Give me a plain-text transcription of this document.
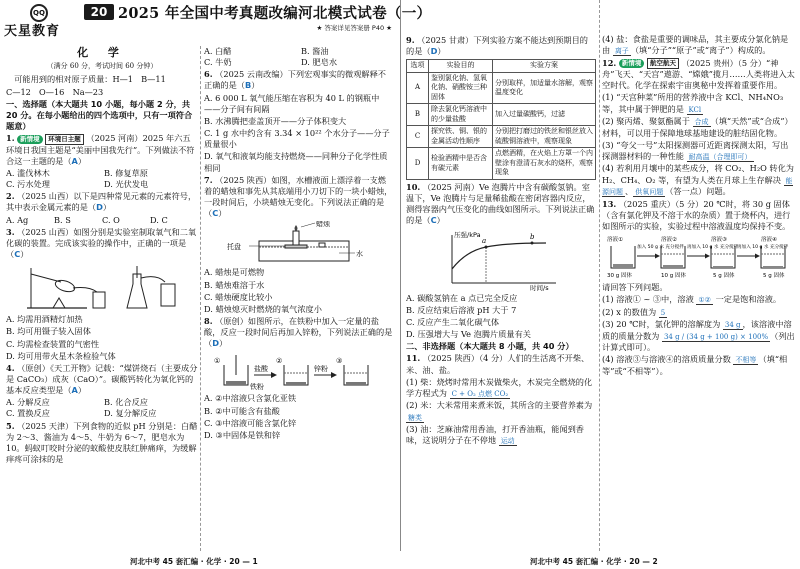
QQ
天星教育
20 2025 年全国中考真题改编河北模式试卷（一）
★ 答案详见答案册 P40 ★
化 学
（满分 60 分，考试时间 60 分钟）

可能用到的相对原子质量：H—1　B—11

C—12　O—16　Na—23

一、选择题（本大题共 10 小题，每小题 2 分，共 20 分。在每小题给出的四个选项中，只有一项符合题意）

1. 新情境 环境日主题 （2025 河南）2025 年六五环境日我国主题是“美丽中国我先行”。下列做法不符合这一主题的是（A）

A. 滥伐林木	B. 修复草原
C. 污水处理	D. 光伏发电

2. （2025 山西）以下是四种常见元素的元素符号，其中表示金属元素的是（D）

A. Ag	B. S	C. O	D. C

3. （2025 山西）如图分别是实验室制取氧气和二氧化碳的装置。完成该实验的操作中，正确的一项是（C）

A. 均需用酒精灯加热

B. 均可用镊子装入固体

C. 均需检查装置的气密性

D. 均可用带火星木条检验气体

4. （原创）《天工开物》记载：“煤饼烧石（主要成分是 CaCO₃）成灰（CaO）”。碳酸钙转化为氧化钙的基本反应类型是（A）

A. 分解反应	B. 化合反应
C. 置换反应	D. 复分解反应

5. （2025 天津）下列食物的近似 pH 分别是：白醋为 2～3、酱油为 4～5、牛奶为 6～7，肥皂水为 10。蚂蚁叮咬时分泌的蚁酸使皮肤红肿痛痒，为缓解痒疼可涂抹的是

A. 白醋	B. 酱油
C. 牛奶	D. 肥皂水

6. （2025 云南改编）下列宏观事实的微观解释不正确的是（B）

A. 6 000 L 氧气能压缩在容积为 40 L 的钢瓶中——分子间有间隔

B. 水沸腾把壶盖顶开——分子体积变大

C. 1 g 水中约含有 3.34 × 10²² 个水分子——分子质量很小

D. 氧气和液氧均能支持燃烧——同种分子化学性质相同

7. （2025 陕西）如图，水槽液面上漂浮着一支燃着的蜡烛和事先从其底端用小刀切下的一块小蜡烛，一段时间后，小块蜡烛无变化。下列说法正确的是（C）

蜡烛
托盘
水

A. 蜡烛是可燃物

B. 蜡烛难溶于水

C. 蜡烛硬度比较小

D. 蜡烛熄灭时燃烧的氧气浓度小

8. （原创）如图所示，在铁粉中加入一定量的盐酸，反应一段时间后再加入锌粉，下列说法正确的是（D）

盐酸
铁粉
锌粉
①	②	③

A. ②中溶液只含氯化亚铁

B. ②中可能含有盐酸

C. ③中溶液可能含氯化锌

D. ③中固体是铁和锌

9. （2025 甘肃）下列实验方案不能达到预期目的的是（D）

选项	实验目的	实验方案
A	鉴别氯化钠、氢氧化钠、硝酸铵三种固体	分别取样，加适量水溶解，观察温度变化
B	除去氯化钙溶液中的少量盐酸	加入过量碳酸钙，过滤
C	探究铁、铜、银的金属活动性顺序	分别把打磨过的铁丝和银丝放入硫酸铜溶液中，观察现象
D	检验酒精中是否含有碳元素	点燃酒精，在火焰上方罩一个内壁涂有澄清石灰水的烧杯，观察现象

10. （2025 河南）Ve 泡腾片中含有碳酸氢钠。室温下，Ve 泡腾片与足量稀盐酸在密闭容器内反应，测得容器内气压变化的曲线如图所示。下列说法正确的是（C）

压强/kPa
时间/s
a	b

A. 碳酸氢钠在 a 点已完全反应

B. 反应结束后溶液 pH 大于 7

C. 反应产生二氧化碳气体

D. 压强增大与 Ve 泡腾片质量有关

二、非选择题（本大题共 8 小题，共 40 分）

11. （2025 陕西）（4 分）人们的生活离不开柴、米、油、盐。

(1) 柴：烧烤时常用木炭做柴火，木炭完全燃烧的化学方程式为 C + O₂ 点燃 CO₂

(2) 米：大米常用来煮米饭，其所含的主要营养素为 糖类

(3) 油：芝麻油常用香油，打开香油瓶，能闻到香味，这说明分子在不停地 运动

(4) 盐：食盐是重要的调味品，其主要成分氯化钠是由 离子 （填“分子”“原子”或“离子”）构成的。

12. 新情境 航空航天 （2025 贵州）（5 分）“神舟”飞天、“天宫”遨游、“嫦娥”揽月……人类将进入太空时代。化学在探索宇宙奥秘中发挥着重要作用。

(1) “天宫种菜”所用的营养液中含 KCl、NH₄NO₃ 等，其中属于钾肥的是 KCl

(2) 聚丙烯、聚氨酯属于 合成 （填“天然”或“合成”）材料，可以用于保障地球基地建设的脏结固化物。

(3) “夸父一号”太阳探测器可近距离探测太阳，写出探测器材料的一种性能 耐高温（合理即可）

(4) 若利用月壤中的某些成分，将 CO₂、H₂O 转化为 H₂、CH₄、O₂ 等，有望为人类在月球上生存解决 能源问题 、 供氧问题 （答一点）问题。

13. （2025 重庆）（5 分）20 ℃时，将 30 g 固体（含有氯化钾及不溶于水的杂质）置于烧杯内，进行如图所示的实验，实验过程中溶液温度均保持不变。

溶液①
加入 50 g 水 充分搅拌
溶液②
再加入 10 g 水 充分搅拌
溶液③
再加入 10 g 水 充分搅拌
溶液④
30 g 固体	10 g 固体	5 g 固体	5 g 固体

请回答下列问题。

(1) 溶液① ~ ③中，溶液 ①② 一定是饱和溶液。

(2) x 的数值为 5

(3) 20 ℃时，氯化钾的溶解度为 34 g ，该溶液中溶质的质量分数为 34 g / (34 g + 100 g) × 100% （列出计算式即可）。

(4) 溶液③与溶液④的溶质质量分数 不相等 （填“相等”或“不相等”）。

河北中考 45 套汇编 · 化学 · 20 — 1	河北中考 45 套汇编 · 化学 · 20 — 2
